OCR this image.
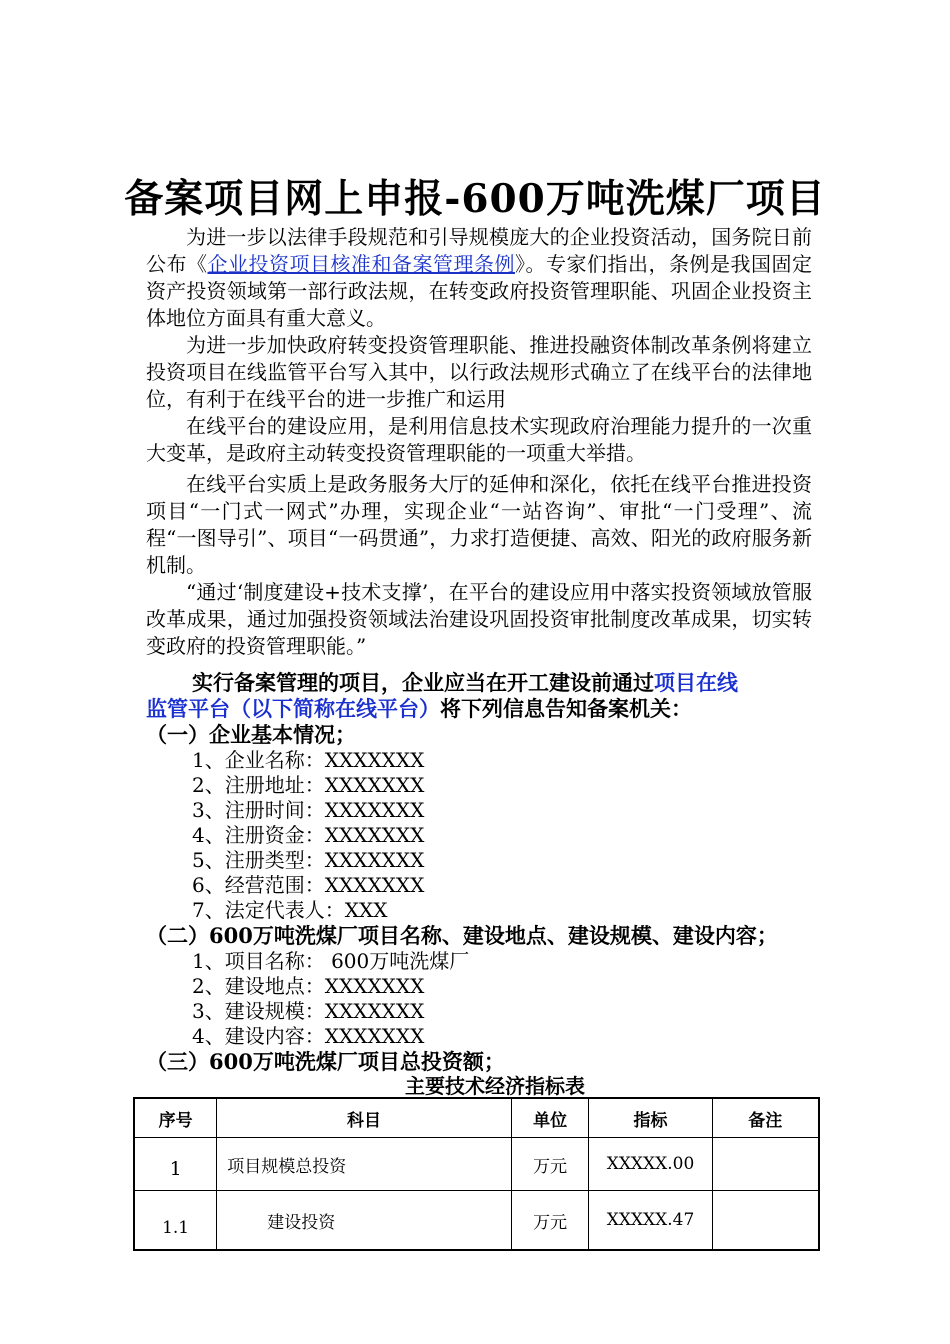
备案项目网上申报-600万吨洗煤厂项目

为进一步以法律手段规范和引导规模庞大的企业投资活动，国务院日前公布《企业投资项目核准和备案管理条例》。专家们指出，条例是我国固定资产投资领域第一部行政法规，在转变政府投资管理职能、巩固企业投资主体地位方面具有重大意义。

为进一步加快政府转变投资管理职能、推进投融资体制改革条例将建立投资项目在线监管平台写入其中，以行政法规形式确立了在线平台的法律地位，有利于在线平台的进一步推广和运用

在线平台的建设应用，是利用信息技术实现政府治理能力提升的一次重大变革，是政府主动转变投资管理职能的一项重大举措。

在线平台实质上是政务服务大厅的延伸和深化，依托在线平台推进投资项目“一门式一网式”办理，实现企业“一站咨询”、审批“一门受理”、流程“一图导引”、项目“一码贯通”，力求打造便捷、高效、阳光的政府服务新机制。

“通过‘制度建设+技术支撑’，在平台的建设应用中落实投资领域放管服改革成果，通过加强投资领域法治建设巩固投资审批制度改革成果，切实转变政府的投资管理职能。”

实行备案管理的项目，企业应当在开工建设前通过项目在线

监管平台（以下简称在线平台）将下列信息告知备案机关：

（一）企业基本情况；

1、企业名称：XXXXXXX

2、注册地址：XXXXXXX

3、注册时间：XXXXXXX

4、注册资金：XXXXXXX

5、注册类型：XXXXXXX

6、经营范围：XXXXXXX

7、法定代表人：XXX

（二）600万吨洗煤厂项目名称、建设地点、建设规模、建设内容；

1、项目名称： 600万吨洗煤厂

2、建设地点：XXXXXXX

3、建设规模：XXXXXXX

4、建设内容：XXXXXXX

（三）600万吨洗煤厂项目总投资额；

主要技术经济指标表
序号	科目	单位	指标	备注
1	项目规模总投资	万元	XXXXX.00	
1.1	建设投资	万元	XXXXX.47	
